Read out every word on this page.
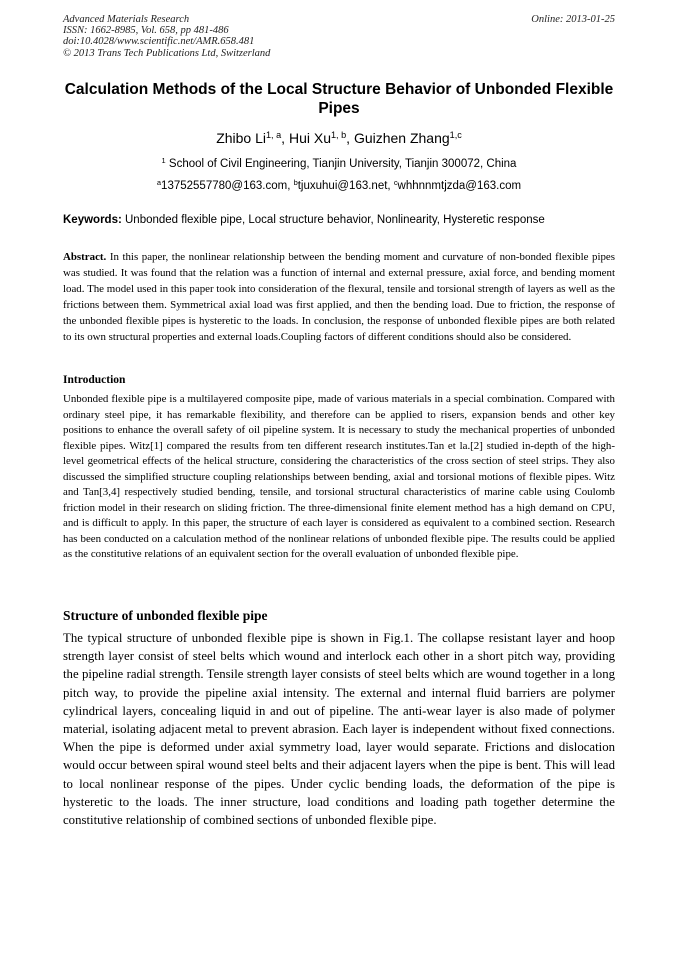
Advanced Materials Research
ISSN: 1662-8985, Vol. 658, pp 481-486
doi:10.4028/www.scientific.net/AMR.658.481
© 2013 Trans Tech Publications Ltd, Switzerland
Online: 2013-01-25
Calculation Methods of the Local Structure Behavior of Unbonded Flexible Pipes
Zhibo Li$^{1, a}$, Hui Xu$^{1, b}$, Guizhen Zhang$^{1,c}$
$^1$ School of Civil Engineering, Tianjin University, Tianjin 300072, China
$^a$13752557780@163.com, $^b$tjuxuhui@163.net, $^c$whhnnmtjzda@163.com
Keywords: Unbonded flexible pipe, Local structure behavior, Nonlinearity, Hysteretic response
Abstract. In this paper, the nonlinear relationship between the bending moment and curvature of non-bonded flexible pipes was studied. It was found that the relation was a function of internal and external pressure, axial force, and bending moment load. The model used in this paper took into consideration of the flexural, tensile and torsional strength of layers as well as the frictions between them. Symmetrical axial load was first applied, and then the bending load. Due to friction, the response of the unbonded flexible pipes is hysteretic to the loads. In conclusion, the response of unbonded flexible pipes are both related to its own structural properties and external loads.Coupling factors of different conditions should also be considered.
Introduction
Unbonded flexible pipe is a multilayered composite pipe, made of various materials in a special combination. Compared with ordinary steel pipe, it has remarkable flexibility, and therefore can be applied to risers, expansion bends and other key positions to enhance the overall safety of oil pipeline system. It is necessary to study the mechanical properties of unbonded flexible pipes. Witz[1] compared the results from ten different research institutes.Tan et la.[2] studied in-depth of the high-level geometrical effects of the helical structure, considering the characteristics of the cross section of steel strips. They also discussed the simplified structure coupling relationships between bending, axial and torsional motions of flexible pipes. Witz and Tan[3,4] respectively studied bending, tensile, and torsional structural characteristics of marine cable using Coulomb friction model in their research on sliding friction. The three-dimensional finite element method has a high demand on CPU, and is difficult to apply. In this paper, the structure of each layer is considered as equivalent to a combined section. Research has been conducted on a calculation method of the nonlinear relations of unbonded flexible pipe. The results could be applied as the constitutive relations of an equivalent section for the overall evaluation of unbonded flexible pipe.
Structure of unbonded flexible pipe
The typical structure of unbonded flexible pipe is shown in Fig.1. The collapse resistant layer and hoop strength layer consist of steel belts which wound and interlock each other in a short pitch way, providing the pipeline radial strength. Tensile strength layer consists of steel belts which are wound together in a long pitch way, to provide the pipeline axial intensity. The external and internal fluid barriers are polymer cylindrical layers, concealing liquid in and out of pipeline. The anti-wear layer is also made of polymer material, isolating adjacent metal to prevent abrasion. Each layer is independent without fixed connections. When the pipe is deformed under axial symmetry load, layer would separate. Frictions and dislocation would occur between spiral wound steel belts and their adjacent layers when the pipe is bent. This will lead to local nonlinear response of the pipes. Under cyclic bending loads, the deformation of the pipe is hysteretic to the loads. The inner structure, load conditions and loading path together determine the constitutive relationship of combined sections of unbonded flexible pipe.
